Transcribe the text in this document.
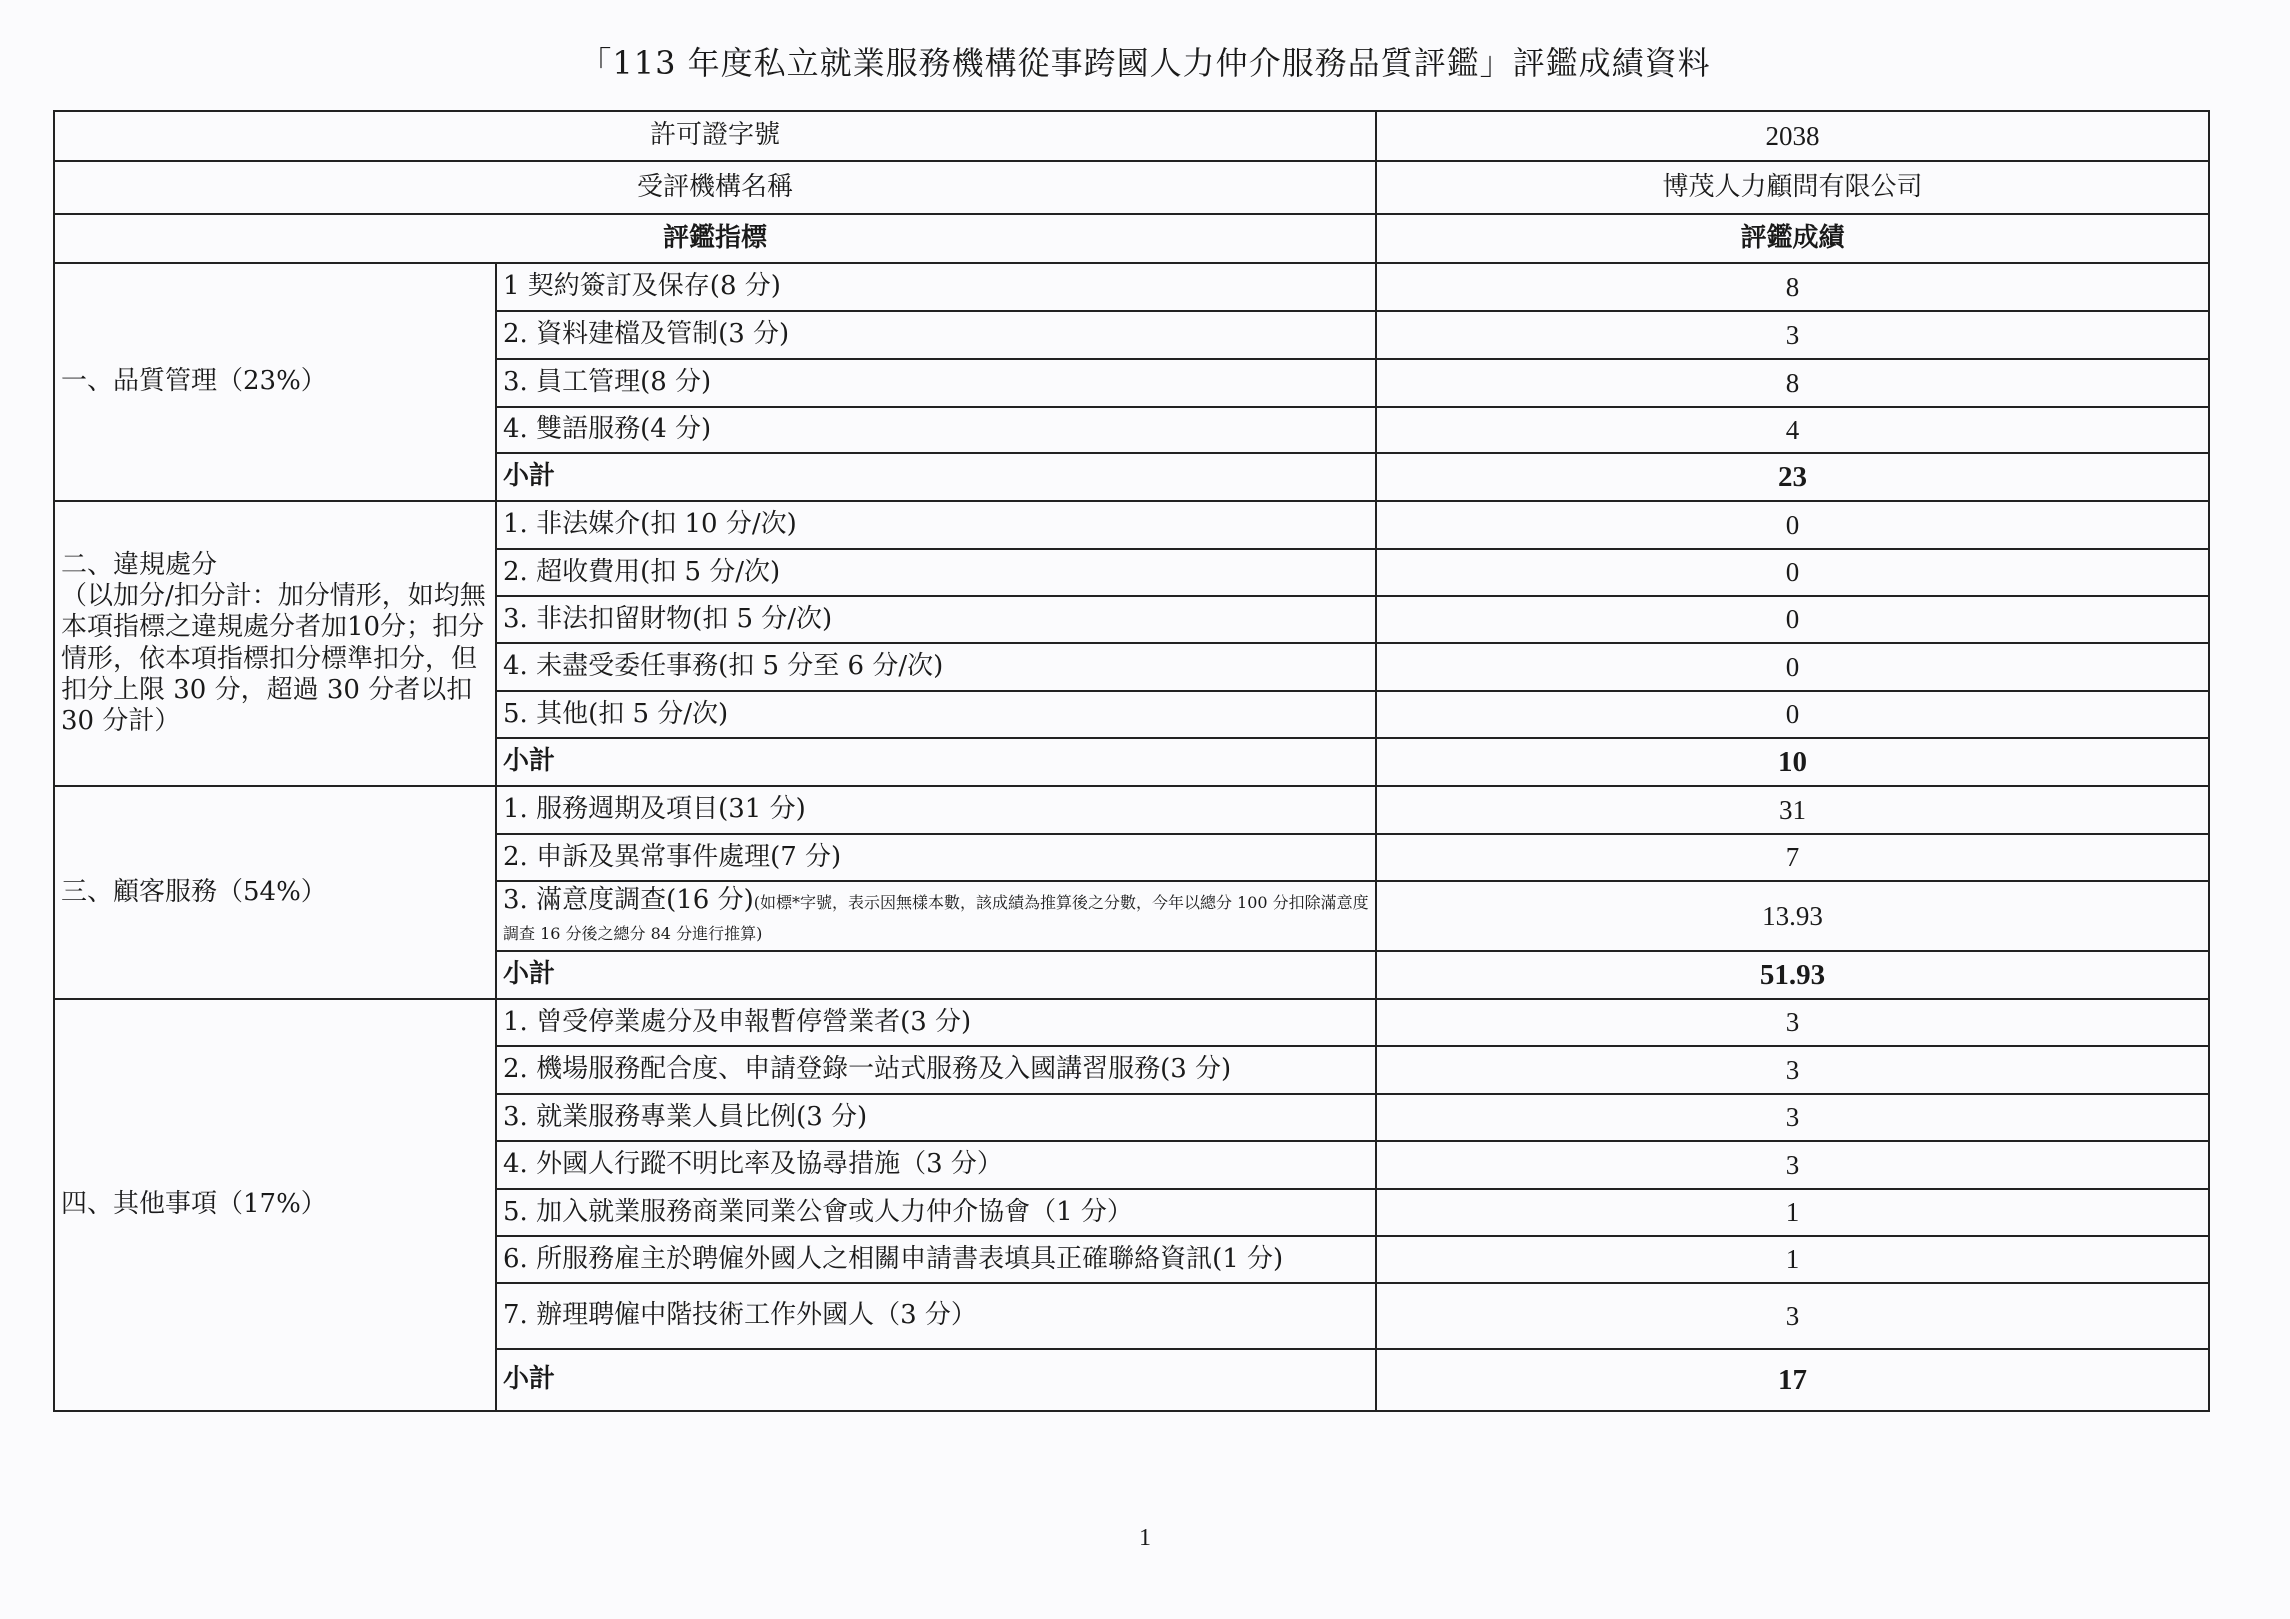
「113 年度私立就業服務機構從事跨國人力仲介服務品質評鑑」評鑑成績資料
許可證字號		2038
受評機構名稱		博茂人力顧問有限公司
評鑑指標		評鑑成績
一、品質管理（23%）	1 契約簽訂及保存(8 分)	8
	2. 資料建檔及管制(3 分)	3
	3. 員工管理(8 分)	8
	4. 雙語服務(4 分)	4
	小計	23

二、違規處分
（以加分/扣分計：加分情形，如均無本項指標之違規處分者加10分；扣分情形，依本項指標扣分標準扣分，但扣分上限 30 分，超過 30 分者以扣 30 分計）	1. 非法媒介(扣 10 分/次)	0
	2. 超收費用(扣 5 分/次)	0
	3. 非法扣留財物(扣 5 分/次)	0
	4. 未盡受委任事務(扣 5 分至 6 分/次)	0
	5. 其他(扣 5 分/次)	0
	小計	10
三、顧客服務（54%）	1. 服務週期及項目(31 分)	31
	2. 申訴及異常事件處理(7 分)	7
	3. 滿意度調查(16 分)(如標*字號，表示因無樣本數，該成績為推算後之分數，今年以總分 100 分扣除滿意度調查 16 分後之總分 84 分進行推算)	13.93
	小計	51.93
四、其他事項（17%）	1. 曾受停業處分及申報暫停營業者(3 分)	3
	2. 機場服務配合度、申請登錄一站式服務及入國講習服務(3 分)	3
	3. 就業服務專業人員比例(3 分)	3
	4. 外國人行蹤不明比率及協尋措施（3 分）	3
	5. 加入就業服務商業同業公會或人力仲介協會（1 分）	1
	6. 所服務雇主於聘僱外國人之相關申請書表填具正確聯絡資訊(1 分)	1
	7. 辦理聘僱中階技術工作外國人（3 分）	3
	小計	17
1
